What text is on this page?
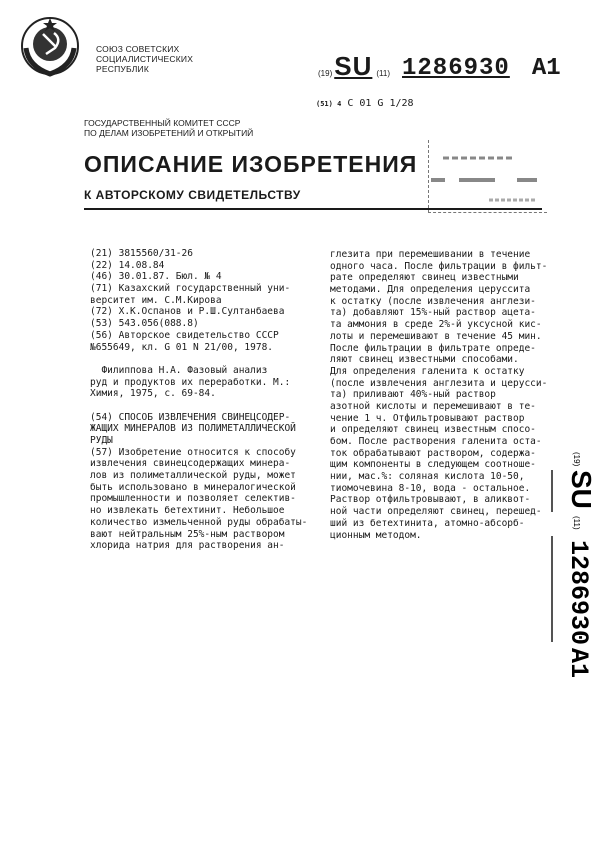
СОЮЗ СОВЕТСКИХ
СОЦИАЛИСТИЧЕСКИХ
РЕСПУБЛИК	(19) SU (11) 1286930 A1
(51) 4 C 01 G 1/28
ГОСУДАРСТВЕННЫЙ КОМИТЕТ СССР
ПО ДЕЛАМ ИЗОБРЕТЕНИЙ И ОТКРЫТИЙ
ОПИСАНИЕ ИЗОБРЕТЕНИЯ
К АВТОРСКОМУ СВИДЕТЕЛЬСТВУ
(21) 3815560/31-26
(22) 14.08.84
(46) 30.01.87. Бюл. № 4
(71) Казахский государственный уни-
верситет им. С.М.Кирова
(72) Х.К.Оспанов и Р.Ш.Султанбаева
(53) 543.056(088.8)
(56) Авторское свидетельство СССР
№655649, кл. G 01 N 21/00, 1978.
Филиппова Н.А. Фазовый анализ
руд и продуктов их переработки. М.:
Химия, 1975, с. 69-84.
(54) СПОСОБ ИЗВЛЕЧЕНИЯ СВИНЕЦСОДЕР-
ЖАЩИХ МИНЕРАЛОВ ИЗ ПОЛИМЕТАЛЛИЧЕСКОЙ
РУДЫ
(57) Изобретение относится к способу
извлечения свинецсодержащих минера-
лов из полиметаллической руды, может
быть использовано в минералогической
промышленности и позволяет селектив-
но извлекать бетехтинит. Небольшое
количество измельченной руды обрабаты-
вают нейтральным 25%-ным раствором
хлорида натрия для растворения ан-
глезита при перемешивании в течение
одного часа. После фильтрации в фильт-
рате определяют свинец известными
методами. Для определения церуссита
к остатку (после извлечения англези-
та) добавляют 15%-ный раствор ацета-
та аммония в среде 2%-й уксусной кис-
лоты и перемешивают в течение 45 мин.
После фильтрации в фильтрате опреде-
ляют свинец известными способами.
Для определения галенита к остатку
(после извлечения англезита и церусси-
та) приливают 40%-ный раствор
азотной кислоты и перемешивают в те-
чение 1 ч. Отфильтровывают раствор
и определяют свинец известным спосо-
бом. После растворения галенита оста-
ток обрабатывают раствором, содержа-
щим компоненты в следующем соотноше-
нии, мас.%: соляная кислота 10-50,
тиомочевина 8-10, вода - остальное.
Раствор отфильтровывают, в аликвот-
ной части определяют свинец, перешед-
ший из бетехтинита, атомно-абсорб-
ционным методом.
(19)
SU
(11)
1286930
A1
